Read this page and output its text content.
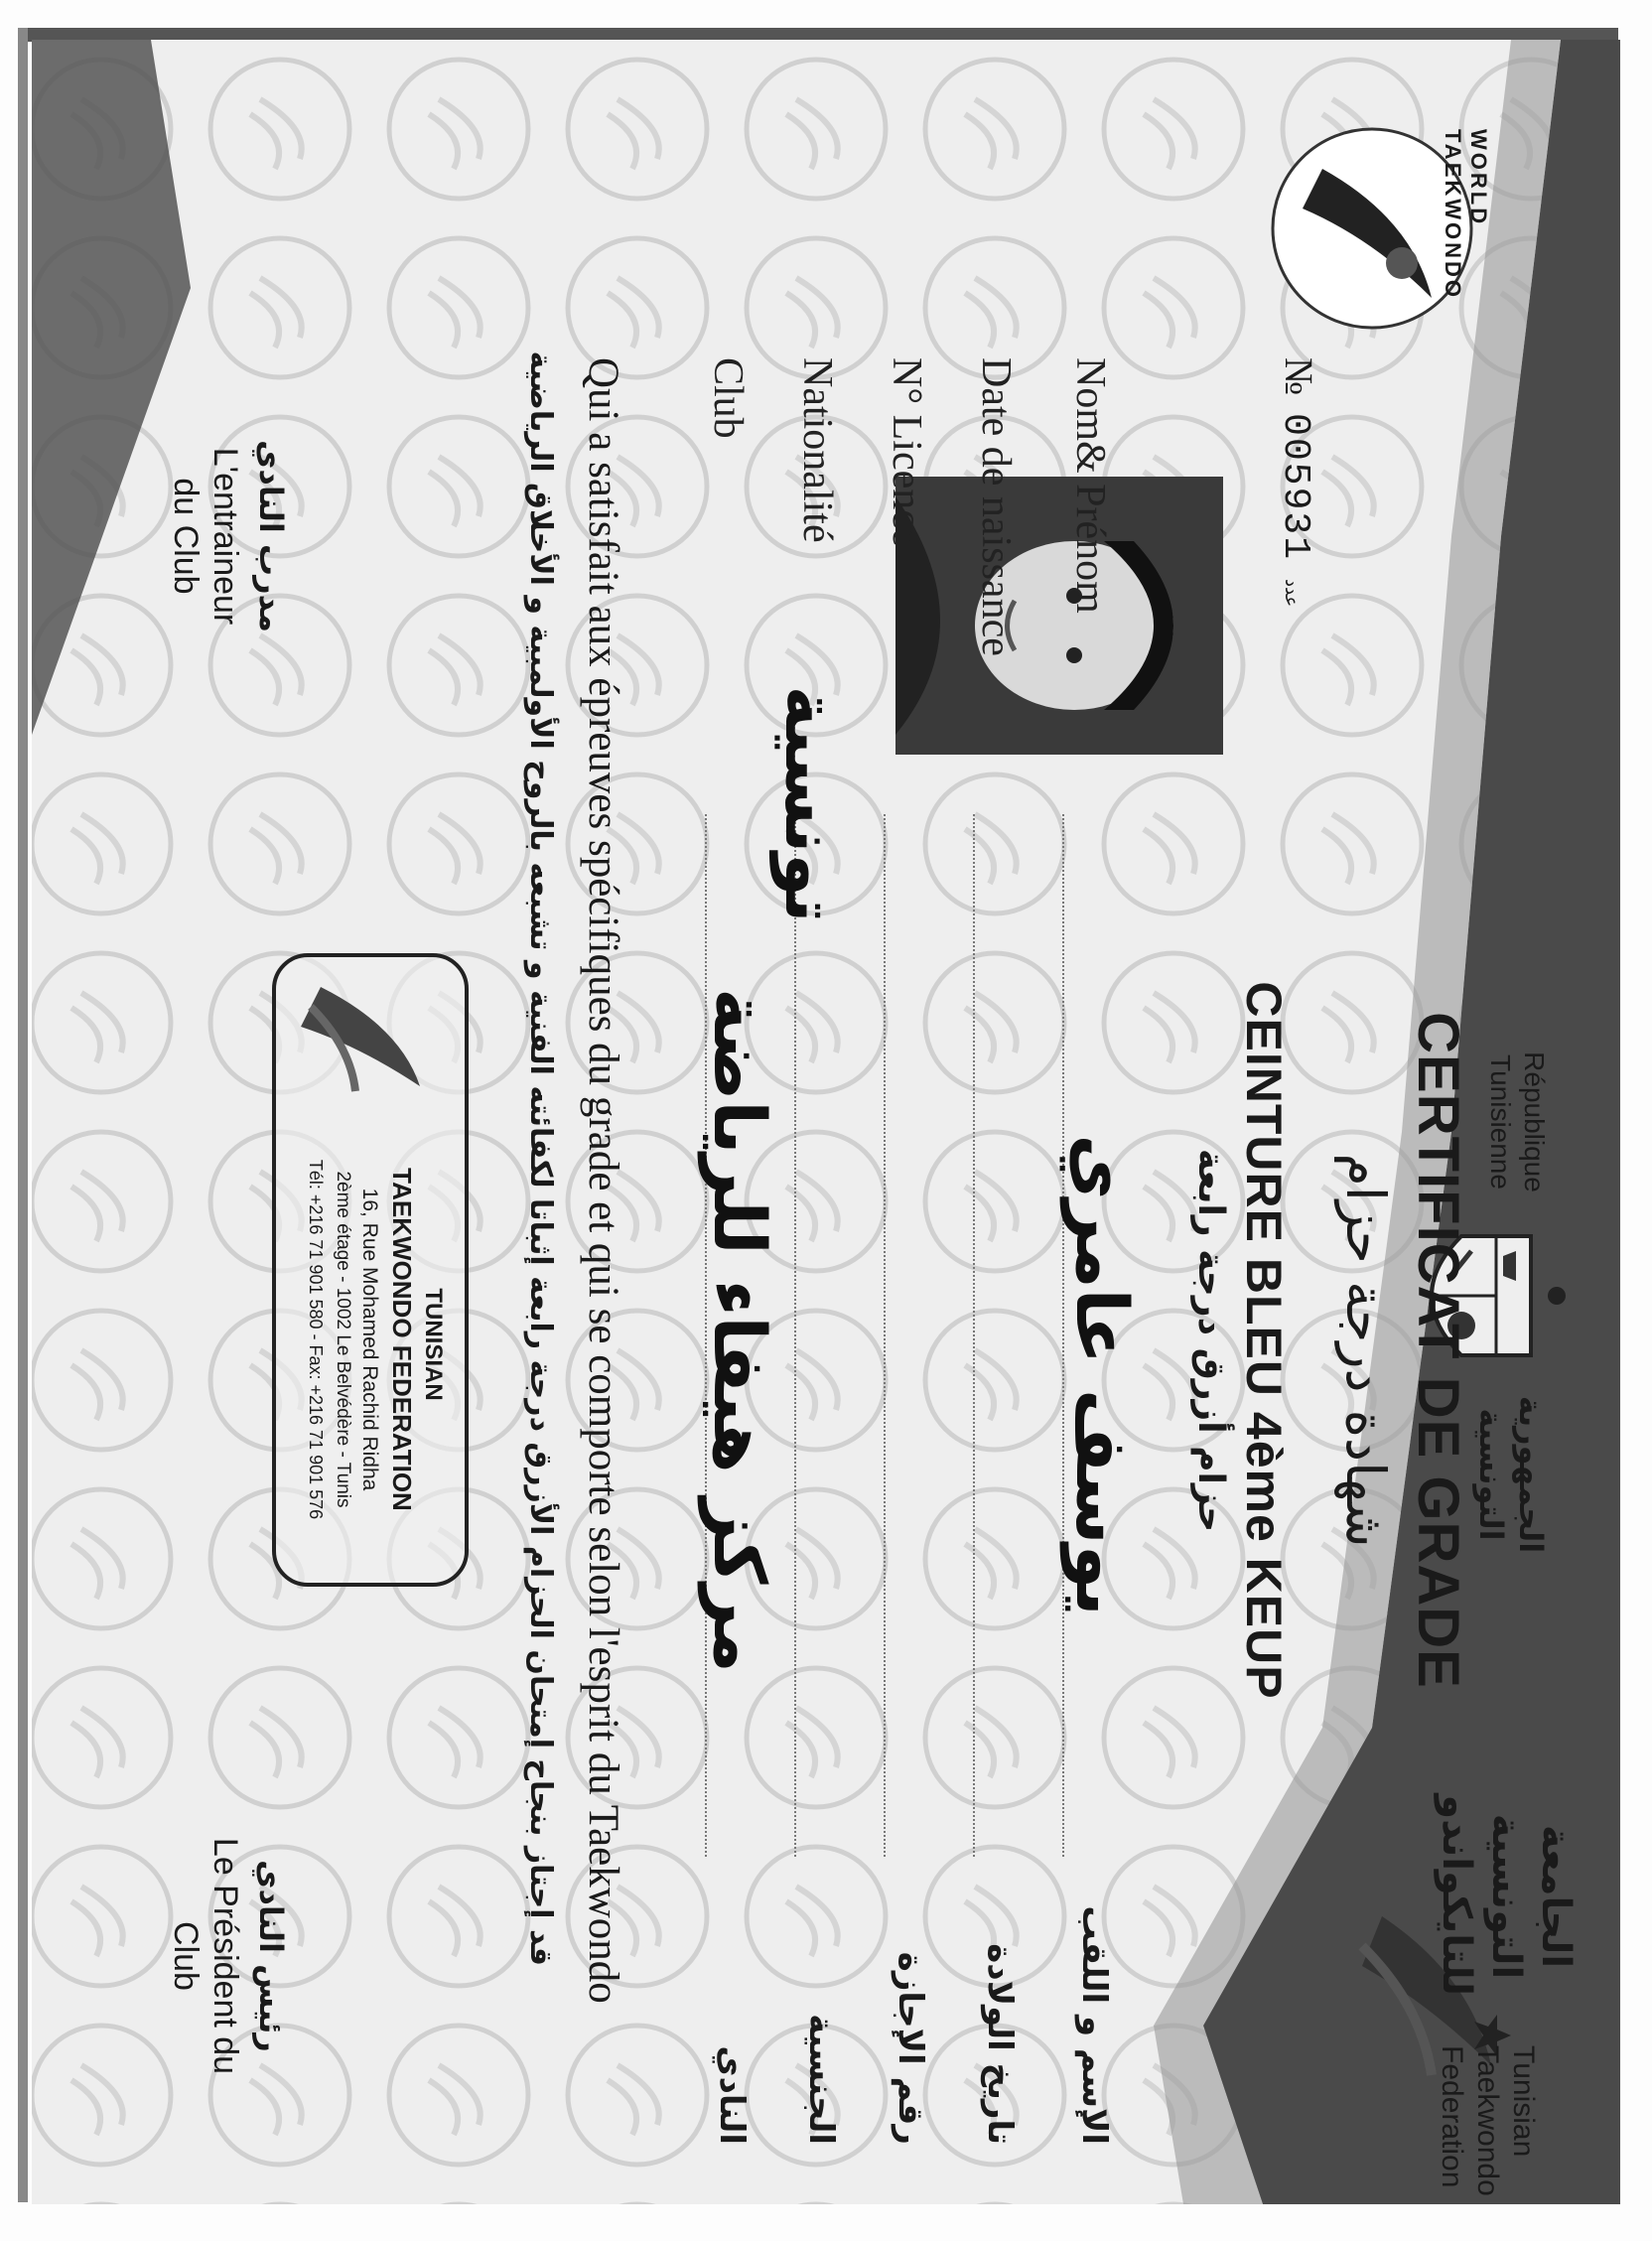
WORLD TAEKWONDO
Tunisian Taekwondo Federation
الجامعة التونسية للتايكواندو
République Tunisienne
الجمهورية التونسية
№
005931
عدد
CERTIFICAT DE GRADE
شهادة درجة حزام
CEINTURE BLEU 4ème KEUP
حزام أزرق درجة رابعة
Nom& Prénom
يوسف عامري
الإسم و اللقب
Date de naissance
تاريخ الولادة
N° Licence
رقم الإجازة
Nationalité
تونسية
الجنسية
Club
مركز هيفاء للرياضة
النادي
Qui a satisfait aux épreuves spécifiques du grade et qui se comporte selon l'esprit du Taekwondo
قد إجتاز بنجاح إمتحان الحزام الأزرق درجة رابعة إثباتا لكفائته الفنية و تشبعه بالروح الأولمبية و الأخلاق الرياضية
TUNISIAN
TAEKWONDO FEDERATION
16, Rue Mohamed Rachid Ridha
2ème étage - 1002 Le Belvédère - Tunis
Tél: +216 71 901 580 - Fax: +216 71 901 576
مدرب النادي
L'entraineur du Club
رئيس النادي
Le Président du Club
